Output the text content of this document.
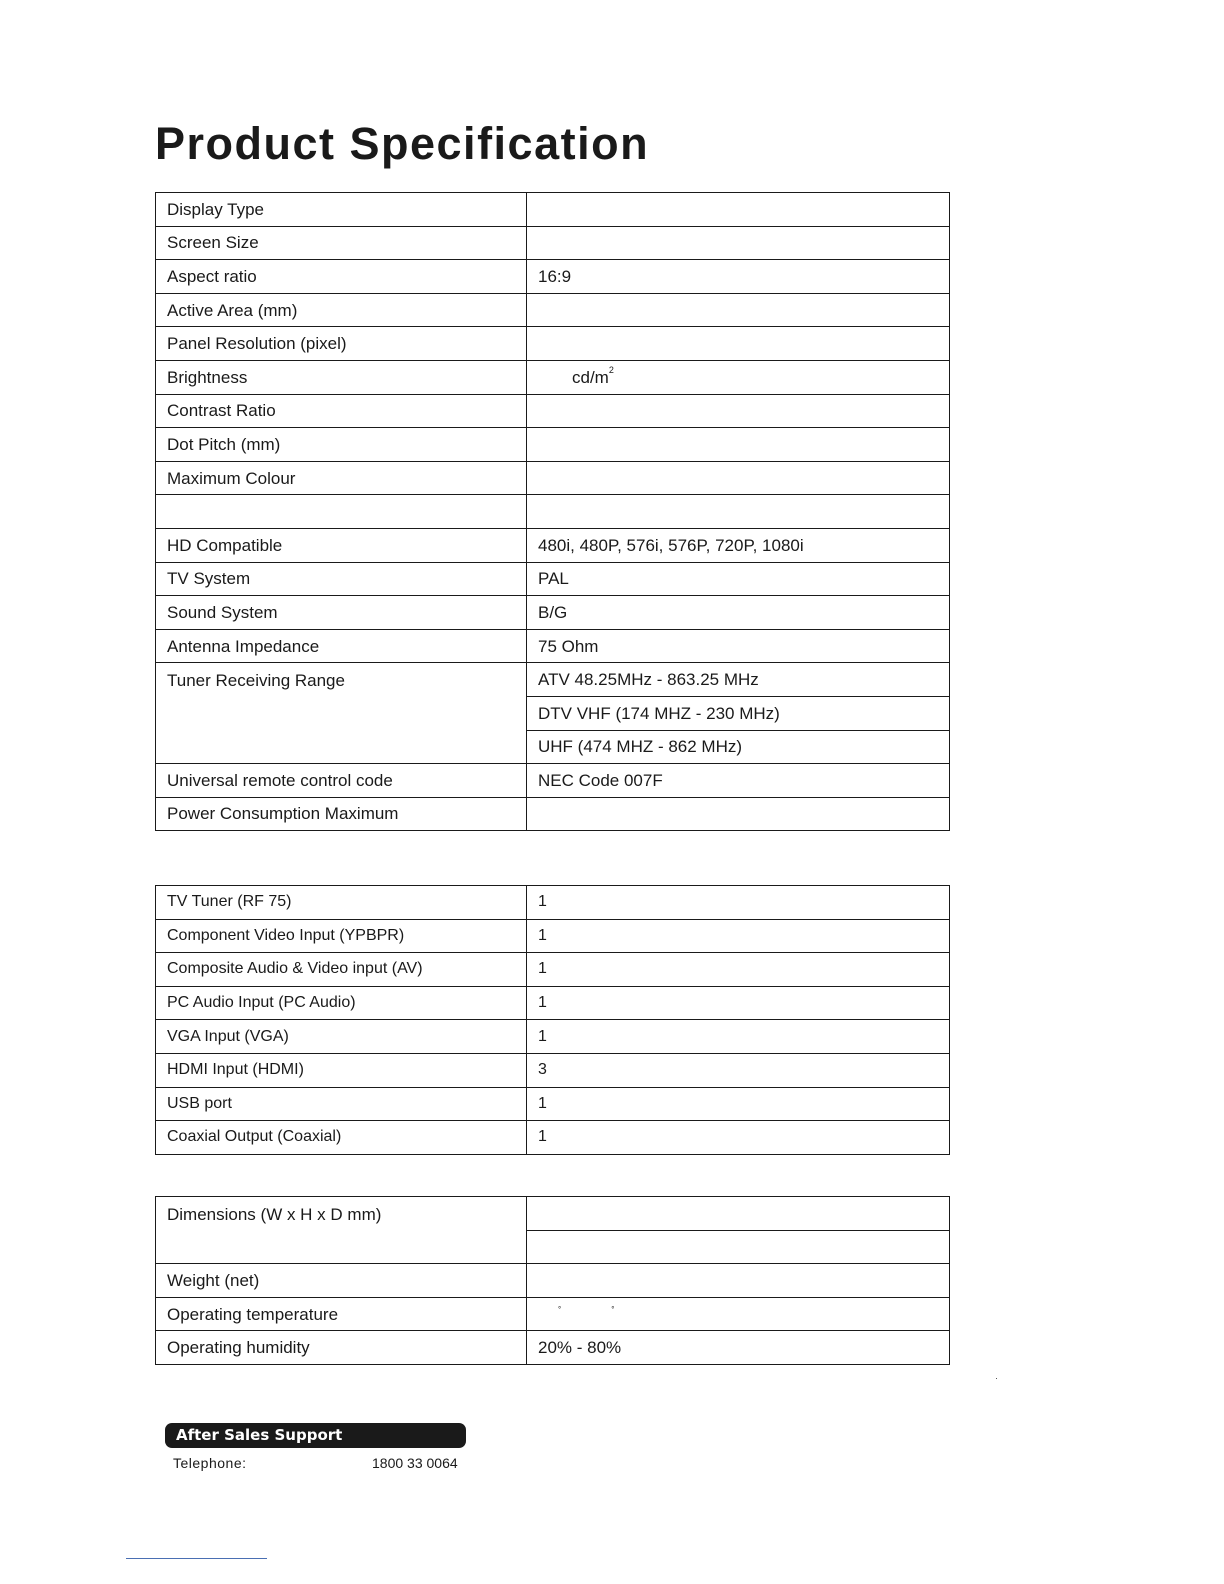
Product Specification
Display Type	
Screen Size	
Aspect ratio	16:9
Active Area (mm)	
Panel Resolution (pixel)	
Brightness	$cd/m^2$
Contrast Ratio	
Dot Pitch (mm)	
Maximum Colour	

HD Compatible	480i, 480P, 576i, 576P, 720P, 1080i
TV System	PAL
Sound System	B/G
Antenna Impedance	75 Ohm
Tuner Receiving Range	ATV 48.25MHz - 863.25 MHz
	DTV VHF (174 MHZ - 230 MHz)
	UHF (474 MHZ - 862 MHz)
Universal remote control code	NEC Code 007F
Power Consumption Maximum	
TV Tuner (RF 75)	1
Component Video Input (YPBPR)	1
Composite Audio & Video input (AV)	1
PC Audio Input (PC Audio)	1
VGA Input (VGA)	1
HDMI Input (HDMI)	3
USB port	1
Coaxial Output (Coaxial)	1
Dimensions (W x H x D mm)	

Weight (net)	
Operating temperature	° °
Operating humidity	20% - 80%
After Sales Support
Telephone:	1800 33 0064
